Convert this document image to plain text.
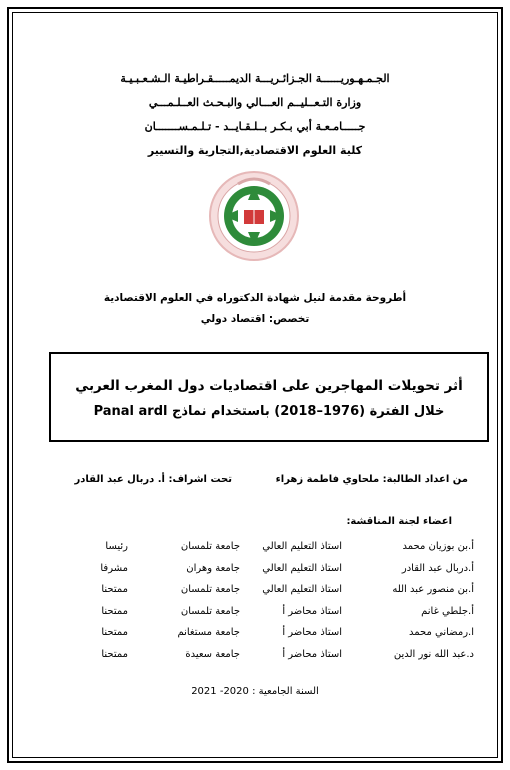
الجـمـهـوريــــــة الجـزائـريـــة الديمـــــقـراطيـة الـشـعـبـيـة
وزارة التـعــليــم العـــالي والبـحـث العــلـمـــي
جـــــامـعـة أبي بـكـر بــلـقـايــد - تـلـمـســـــــان
كلية العلوم الاقتصادية,التجارية والتسيير
TLEMCEN
أطروحة مقدمة لنيل شهادة الدكتوراه في العلوم الاقتصادية
تخصص: اقتصاد دولي
أثر تحويلات المهاجرين على اقتصاديات دول المغرب العربي
خلال الفترة (1976–2018) باستخدام نماذج Panal ardl
من اعداد الطالبة: ملحاوي فاطمة زهراء
تحت اشراف: أ. دربال عبد القادر
اعضاء لجنة المناقشة:
أ.بن بوزيان محمد
استاذ التعليم العالي
جامعة تلمسان
رئيسا
أ.دربال عبد القادر
استاذ التعليم العالي
جامعة وهران
مشرفا
أ.بن منصور عبد الله
استاذ التعليم العالي
جامعة تلمسان
ممتحنا
أ.جلطي غانم
استاذ محاضر أ
جامعة تلمسان
ممتحنا
ا.رمضاني محمد
استاذ محاضر أ
جامعة مستغانم
ممتحنا
د.عبد الله نور الدين
استاذ محاضر أ
جامعة سعيدة
ممتحنا
السنة الجامعية : 2020- 2021
